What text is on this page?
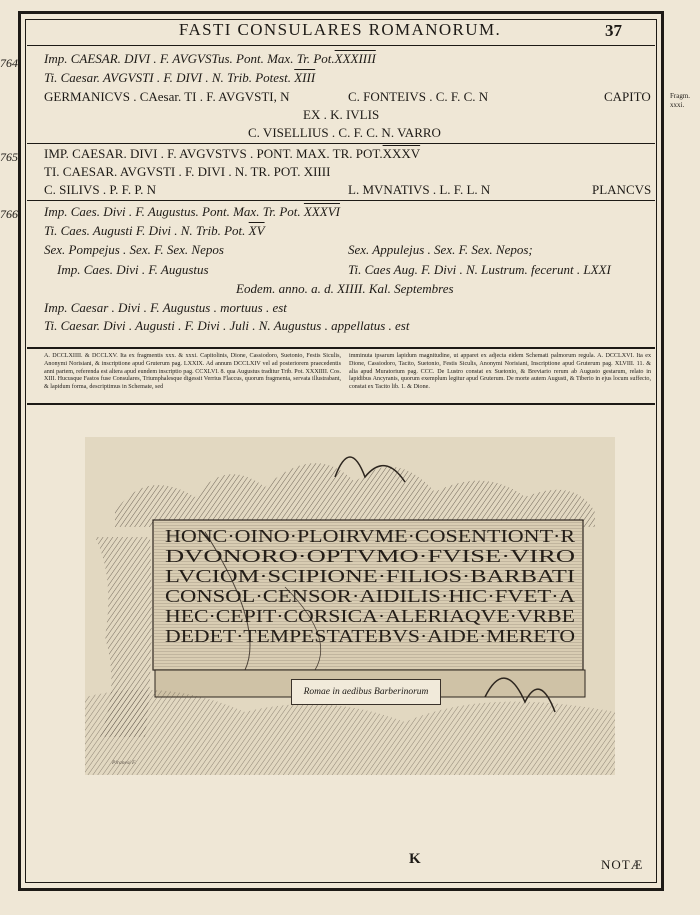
764
765
766
Fragm.
xxxi.
FASTI CONSULARES ROMANORUM.	37
Imp. CAESAR. DIVI . F. AVGVSTus. Pont. Max. Tr. Pot.XXXIIII
Ti. Caesar. AVGVSTI . F. DIVI . N. Trib. Potest. XIII
GERMANICVS . CAesar. TI . F. AVGVSTI, N	C. FONTEIVS . C. F. C. N	CAPITO
EX . K. IVLIS
C. VISELLIUS . C. F. C. N. VARRO
IMP. CAESAR. DIVI . F. AVGVSTVS . PONT. MAX. TR. POT.XXXV
TI. CAESAR. AVGVSTI . F. DIVI . N. TR. POT. XIIII
C. SILIVS . P. F. P. N	L. MVNATIVS . L. F. L. N	PLANCVS
Imp. Caes. Divi . F. Augustus. Pont. Max. Tr. Pot. XXXVI
Ti. Caes. Augusti F. Divi . N. Trib. Pot. $\overline{XV}$
Sex. Pompejus . Sex. F. Sex. Nepos	Sex. Appulejus . Sex. F. Sex. Nepos;
Imp. Caes. Divi . F. Augustus	Ti. Caes Aug. F. Divi . N. Lustrum. fecerunt . LXXI
Eodem. anno. a. d. XIIII. Kal. Septembres
Imp. Caesar . Divi . F. Augustus . mortuus . est
Ti. Caesar. Divi . Augusti . F. Divi . Juli . N. Augustus . appellatus . est
A. DCCLXIIII. & DCCLXV. Ita ex fragmentis xxx. & xxxi. Capitolinis, Dione, Cassiodoro, Suetonio, Festis Siculis, Anonymi Norisiani, & inscriptione apud Gruterum pag. LXXIX. Ad annum DCCLXIV vel ad posteriorem praecedentis anni partem, referenda est altera apud eundem inscriptio pag. CCXLVI. 8. qua Augustus traditur Trib. Pot. XXXIIII. Cos. XIII. Hucusque Fastos fuse Consulares, Triumphalesque digessit Verrius Flaccus, quorum fragmenta, servata illustrabant, & lapidum forma, descriptimus in Schemate, sed
imminuta ipsarum lapidum magnitudine, ut apparet ex adjecta eidem Schemati palmorum regula. A. DCCLXVI. Ita ex Dione, Cassiodoro, Tacito, Suetonio, Festis Siculis, Anonymi Norisiani, Inscriptione apud Gruterum pag. XLVIII. 11. & alia apud Muratorium pag. CCC. De Lustro constat ex Suetonio, & Breviario rerum ab Augusto gestarum, relato in lapidibus Ancyranis, quorum exemplum legitur apud Gruterum. De morte autem Augusti, & Tiberio in ejus locum suffecto, constat ex Tacito lib. 1. & Dione.
HONC·OINO·PLOIRVME·COSENTIONT·R
DVONORO·OPTVMO·FVISE·VIRO
LVCIOM·SCIPIONE·FILIOS·BARBATI
CONSOL·CENSOR·AIDILIS·HIC·FVET·A
HEC·CEPIT·CORSICA·ALERIAQVE·VRBE
DEDET·TEMPESTATEBVS·AIDE·MERETO
Romae in aedibus Barberinorum
Piranesi F.
K	NOTÆ
